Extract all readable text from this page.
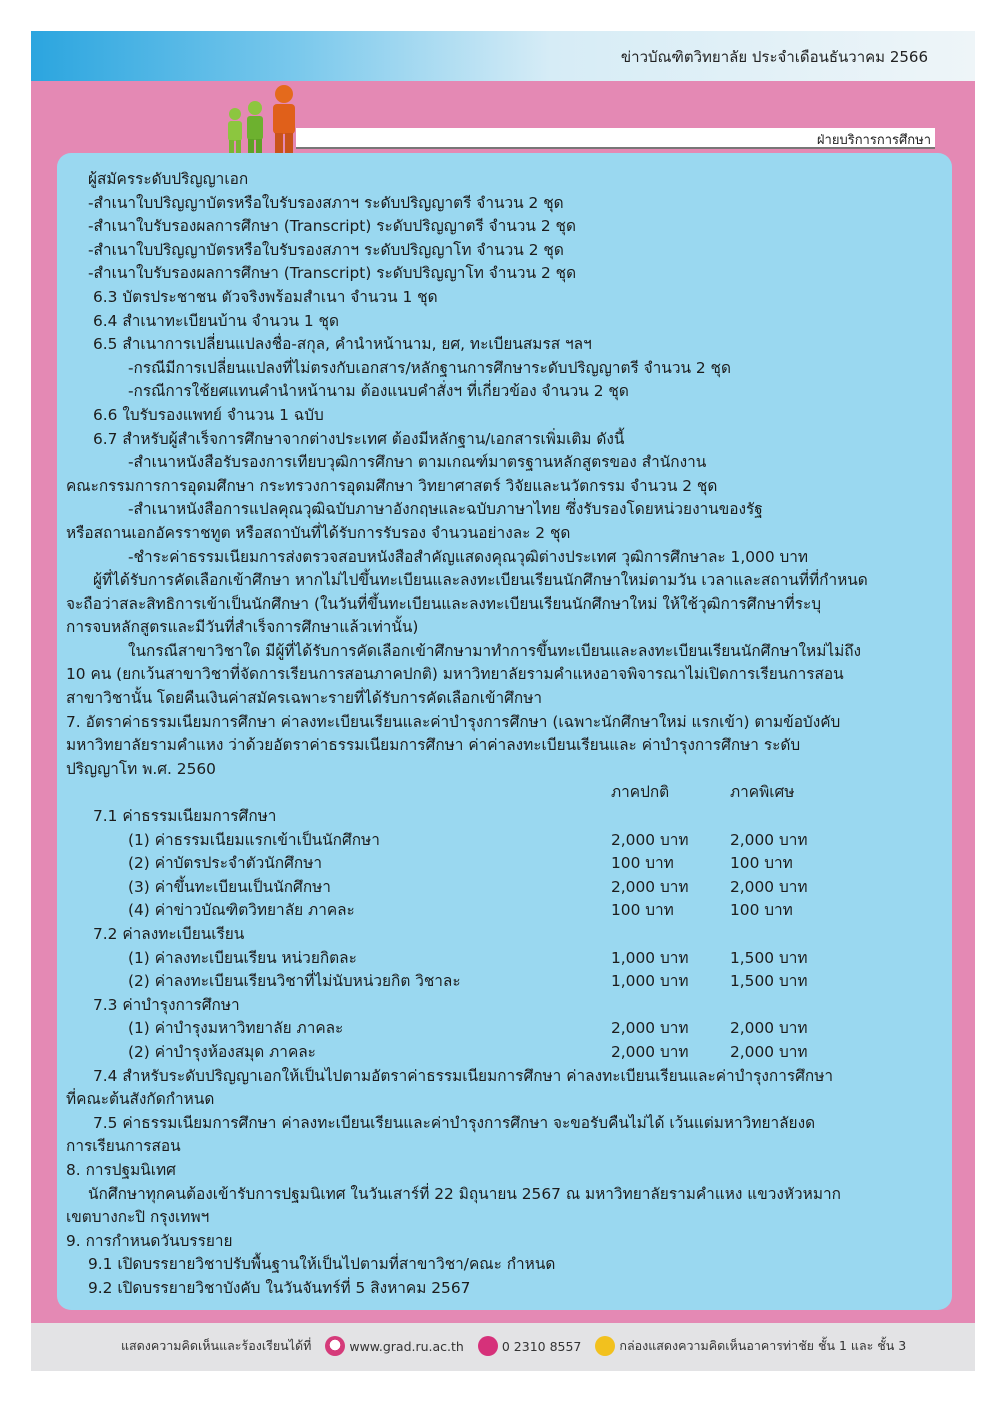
ข่าวบัณฑิตวิทยาลัย ประจำเดือนธันวาคม 2566
ฝ่ายบริการการศึกษา
ผู้สมัครระดับปริญญาเอก
-สำเนาใบปริญญาบัตรหรือใบรับรองสภาฯ ระดับปริญญาตรี จำนวน 2 ชุด
-สำเนาใบรับรองผลการศึกษา (Transcript) ระดับปริญญาตรี จำนวน 2 ชุด
-สำเนาใบปริญญาบัตรหรือใบรับรองสภาฯ ระดับปริญญาโท จำนวน 2 ชุด
-สำเนาใบรับรองผลการศึกษา (Transcript) ระดับปริญญาโท จำนวน 2 ชุด
6.3 บัตรประชาชน ตัวจริงพร้อมสำเนา จำนวน 1 ชุด
6.4 สำเนาทะเบียนบ้าน จำนวน 1 ชุด
6.5 สำเนาการเปลี่ยนแปลงชื่อ-สกุล, คำนำหน้านาม, ยศ, ทะเบียนสมรส ฯลฯ
-กรณีมีการเปลี่ยนแปลงที่ไม่ตรงกับเอกสาร/หลักฐานการศึกษาระดับปริญญาตรี จำนวน 2 ชุด
-กรณีการใช้ยศแทนคำนำหน้านาม ต้องแนบคำสั่งฯ ที่เกี่ยวข้อง จำนวน 2 ชุด
6.6 ใบรับรองแพทย์ จำนวน 1 ฉบับ
6.7 สำหรับผู้สำเร็จการศึกษาจากต่างประเทศ ต้องมีหลักฐาน/เอกสารเพิ่มเติม ดังนี้
-สำเนาหนังสือรับรองการเทียบวุฒิการศึกษา ตามเกณฑ์มาตรฐานหลักสูตรของ สำนักงาน
คณะกรรมการการอุดมศึกษา กระทรวงการอุดมศึกษา วิทยาศาสตร์ วิจัยและนวัตกรรม จำนวน 2 ชุด
-สำเนาหนังสือการแปลคุณวุฒิฉบับภาษาอังกฤษและฉบับภาษาไทย ซึ่งรับรองโดยหน่วยงานของรัฐ
หรือสถานเอกอัครราชทูต หรือสถาบันที่ได้รับการรับรอง จำนวนอย่างละ 2 ชุด
-ชำระค่าธรรมเนียมการส่งตรวจสอบหนังสือสำคัญแสดงคุณวุฒิต่างประเทศ วุฒิการศึกษาละ 1,000 บาท
ผู้ที่ได้รับการคัดเลือกเข้าศึกษา หากไม่ไปขึ้นทะเบียนและลงทะเบียนเรียนนักศึกษาใหม่ตามวัน เวลาและสถานที่ที่กำหนด
จะถือว่าสละสิทธิการเข้าเป็นนักศึกษา (ในวันที่ขึ้นทะเบียนและลงทะเบียนเรียนนักศึกษาใหม่ ให้ใช้วุฒิการศึกษาที่ระบุ
การจบหลักสูตรและมีวันที่สำเร็จการศึกษาแล้วเท่านั้น)
ในกรณีสาขาวิชาใด มีผู้ที่ได้รับการคัดเลือกเข้าศึกษามาทำการขึ้นทะเบียนและลงทะเบียนเรียนนักศึกษาใหม่ไม่ถึง
10 คน (ยกเว้นสาขาวิชาที่จัดการเรียนการสอนภาคปกติ) มหาวิทยาลัยรามคำแหงอาจพิจารณาไม่เปิดการเรียนการสอน
สาขาวิชานั้น โดยคืนเงินค่าสมัครเฉพาะรายที่ได้รับการคัดเลือกเข้าศึกษา
7. อัตราค่าธรรมเนียมการศึกษา ค่าลงทะเบียนเรียนและค่าบำรุงการศึกษา (เฉพาะนักศึกษาใหม่ แรกเข้า) ตามข้อบังคับ
มหาวิทยาลัยรามคำแหง ว่าด้วยอัตราค่าธรรมเนียมการศึกษา ค่าค่าลงทะเบียนเรียนและ ค่าบำรุงการศึกษา ระดับ
ปริญญาโท พ.ศ. 2560
ภาคปกติ	ภาคพิเศษ
7.1 ค่าธรรมเนียมการศึกษา
(1) ค่าธรรมเนียมแรกเข้าเป็นนักศึกษา	2,000 บาท	2,000 บาท
(2) ค่าบัตรประจำตัวนักศึกษา	100 บาท	100 บาท
(3) ค่าขึ้นทะเบียนเป็นนักศึกษา	2,000 บาท	2,000 บาท
(4) ค่าข่าวบัณฑิตวิทยาลัย ภาคละ	100 บาท	100 บาท
7.2 ค่าลงทะเบียนเรียน
(1) ค่าลงทะเบียนเรียน หน่วยกิตละ	1,000 บาท	1,500 บาท
(2) ค่าลงทะเบียนเรียนวิชาที่ไม่นับหน่วยกิต วิชาละ	1,000 บาท	1,500 บาท
7.3 ค่าบำรุงการศึกษา
(1) ค่าบำรุงมหาวิทยาลัย ภาคละ	2,000 บาท	2,000 บาท
(2) ค่าบำรุงห้องสมุด ภาคละ	2,000 บาท	2,000 บาท
7.4 สำหรับระดับปริญญาเอกให้เป็นไปตามอัตราค่าธรรมเนียมการศึกษา ค่าลงทะเบียนเรียนและค่าบำรุงการศึกษา
ที่คณะต้นสังกัดกำหนด
7.5 ค่าธรรมเนียมการศึกษา ค่าลงทะเบียนเรียนและค่าบำรุงการศึกษา จะขอรับคืนไม่ได้ เว้นแต่มหาวิทยาลัยงด
การเรียนการสอน
8. การปฐมนิเทศ
นักศึกษาทุกคนต้องเข้ารับการปฐมนิเทศ ในวันเสาร์ที่ 22 มิถุนายน 2567 ณ มหาวิทยาลัยรามคำแหง แขวงหัวหมาก
เขตบางกะปิ กรุงเทพฯ
9. การกำหนดวันบรรยาย
9.1 เปิดบรรยายวิชาปรับพื้นฐานให้เป็นไปตามที่สาขาวิชา/คณะ กำหนด
9.2 เปิดบรรยายวิชาบังคับ ในวันจันทร์ที่ 5 สิงหาคม 2567
แสดงความคิดเห็นและร้องเรียนได้ที่	www.grad.ru.ac.th	0 2310 8557	กล่องแสดงความคิดเห็นอาคารท่าชัย ชั้น 1 และ ชั้น 3
